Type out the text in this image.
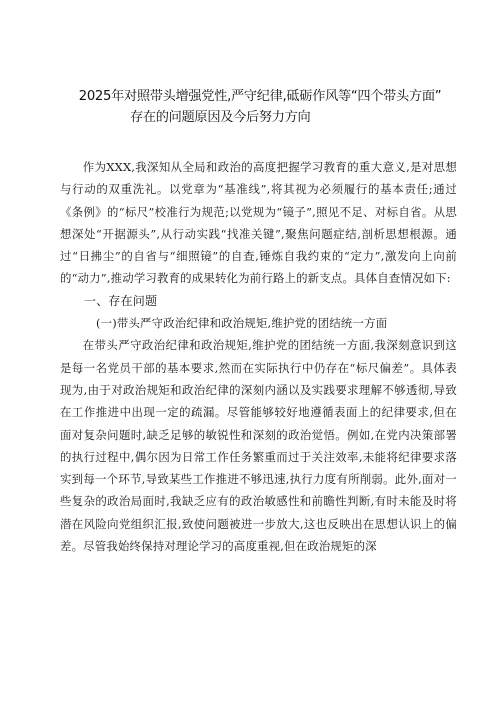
2025年对照带头增强党性,严守纪律,砥砺作风等“四个带头方面”
存在的问题原因及今后努力方向

作为XXX,我深知从全局和政治的高度把握学习教育的重大意义,是对思想与行动的双重洗礼。以党章为“基准线”,将其视为必须履行的基本责任;通过《条例》的“标尺”校准行为规范;以党规为“镜子”,照见不足、对标自省。从思想深处“开据源头”,从行动实践“找准关键”,聚焦问题症结,剖析思想根源。通过“日拂尘”的自省与“细照镜”的自查,锤炼自我约束的“定力”,激发向上向前的“动力”,推动学习教育的成果转化为前行路上的新支点。具体自查情况如下:

一、存在问题

(一)带头严守政治纪律和政治规矩,维护党的团结统一方面

在带头严守政治纪律和政治规矩,维护党的团结统一方面,我深刻意识到这是每一名党员干部的基本要求,然而在实际执行中仍存在“标尺偏差”。具体表现为,由于对政治规矩和政治纪律的深刻内涵以及实践要求理解不够透彻,导致在工作推进中出现一定的疏漏。尽管能够较好地遵循表面上的纪律要求,但在面对复杂问题时,缺乏足够的敏锐性和深刻的政治觉悟。例如,在党内决策部署的执行过程中,偶尔因为日常工作任务繁重而过于关注效率,未能将纪律要求落实到每一个环节,导致某些工作推进不够迅速,执行力度有所削弱。此外,面对一些复杂的政治局面时,我缺乏应有的政治敏感性和前瞻性判断,有时未能及时将潜在风险向党组织汇报,致使问题被进一步放大,这也反映出在思想认识上的偏差。尽管我始终保持对理论学习的高度重视,但在政治规矩的深
